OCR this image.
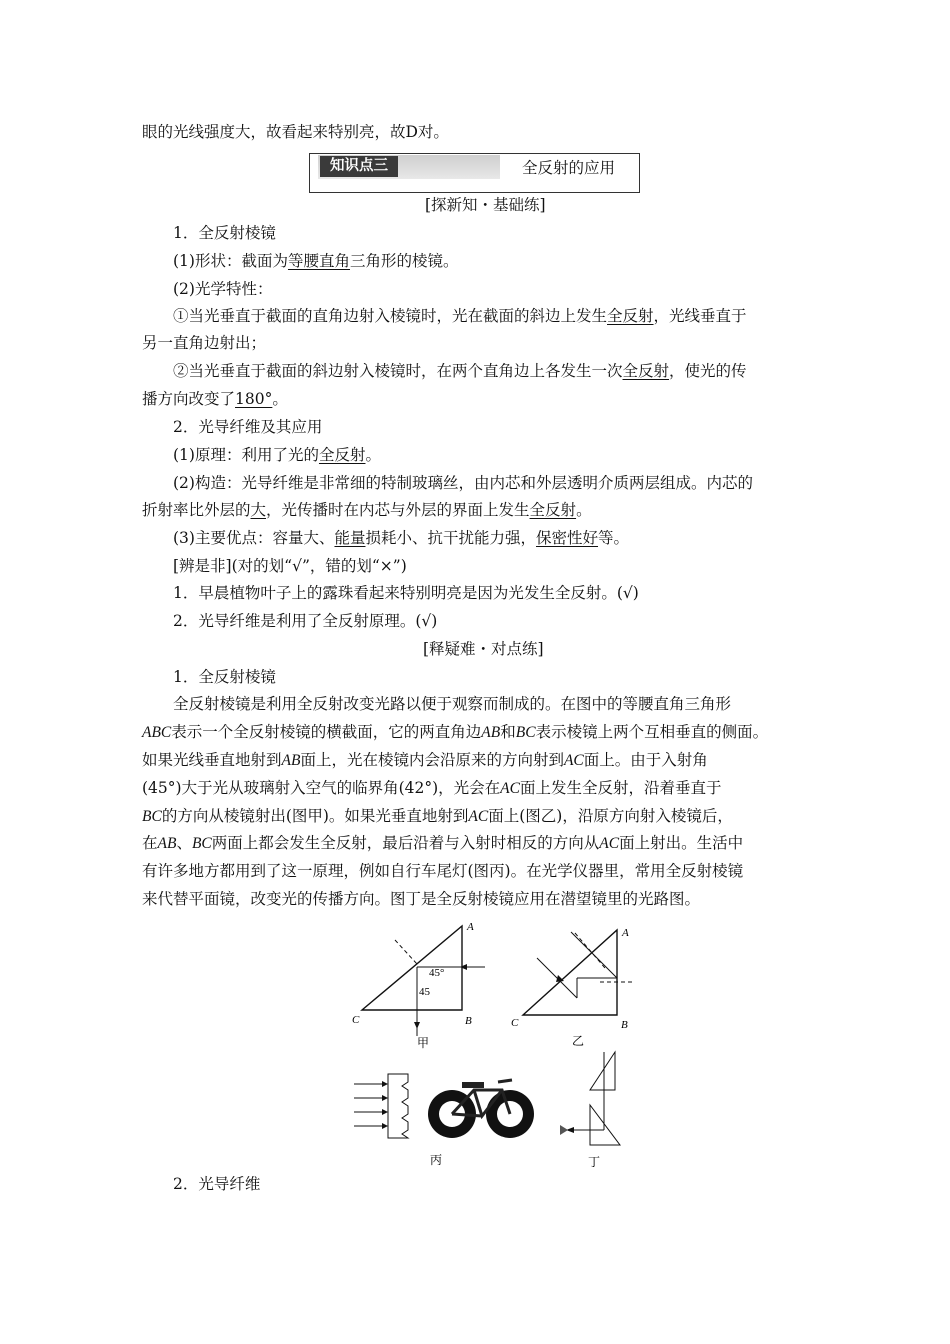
眼的光线强度大，故看起来特别亮，故D对。
知识点三	全反射的应用
[探新知・基础练]
1．全反射棱镜
(1)形状：截面为等腰直角三角形的棱镜。
(2)光学特性：
①当光垂直于截面的直角边射入棱镜时，光在截面的斜边上发生全反射，光线垂直于
另一直角边射出；
②当光垂直于截面的斜边射入棱镜时，在两个直角边上各发生一次全反射，使光的传
播方向改变了180°。
2．光导纤维及其应用
(1)原理：利用了光的全反射。
(2)构造：光导纤维是非常细的特制玻璃丝，由内芯和外层透明介质两层组成。内芯的
折射率比外层的大，光传播时在内芯与外层的界面上发生全反射。
(3)主要优点：容量大、能量损耗小、抗干扰能力强，保密性好等。
[辨是非](对的划“√”，错的划“×”)
1．早晨植物叶子上的露珠看起来特别明亮是因为光发生全反射。(√)
2．光导纤维是利用了全反射原理。(√)
[释疑难・对点练]
1．全反射棱镜
全反射棱镜是利用全反射改变光路以便于观察而制成的。在图中的等腰直角三角形
ABC表示一个全反射棱镜的横截面，它的两直角边AB和BC表示棱镜上两个互相垂直的侧面。
如果光线垂直地射到AB面上，光在棱镜内会沿原来的方向射到AC面上。由于入射角
(45°)大于光从玻璃射入空气的临界角(42°)，光会在AC面上发生全反射，沿着垂直于
BC的方向从棱镜射出(图甲)。如果光垂直地射到AC面上(图乙)，沿原方向射入棱镜后，
在AB、BC两面上都会发生全反射，最后沿着与入射时相反的方向从AC面上射出。生活中
有许多地方都用到了这一原理，例如自行车尾灯(图丙)。在光学仪器里，常用全反射棱镜
来代替平面镜，改变光的传播方向。图丁是全反射棱镜应用在潜望镜里的光路图。
A
B
C
45°
45
甲
A
B
C
乙
丙	丁
2．光导纤维
